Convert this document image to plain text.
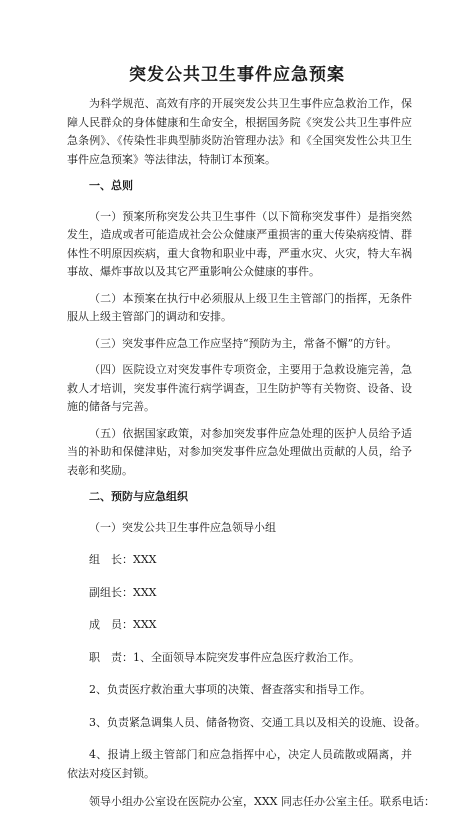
突发公共卫生事件应急预案

为科学规范、高效有序的开展突发公共卫生事件应急救治工作，保障人民群众的身体健康和生命安全，根据国务院《突发公共卫生事件应急条例》、《传染性非典型肺炎防治管理办法》和《全国突发性公共卫生事件应急预案》等法律法，特制订本预案。

一、总则

（一）预案所称突发公共卫生事件（以下简称突发事件）是指突然发生，造成或者可能造成社会公众健康严重损害的重大传染病疫情、群体性不明原因疾病，重大食物和职业中毒，严重水灾、火灾，特大车祸事故、爆炸事故以及其它严重影响公众健康的事件。

（二）本预案在执行中必须服从上级卫生主管部门的指挥，无条件服从上级主管部门的调动和安排。

（三）突发事件应急工作应坚持“预防为主，常备不懈”的方针。

（四）医院设立对突发事件专项资金，主要用于急救设施完善，急救人才培训，突发事件流行病学调查，卫生防护等有关物资、设备、设施的储备与完善。

（五）依据国家政策，对参加突发事件应急处理的医护人员给予适当的补助和保健津贴，对参加突发事件应急处理做出贡献的人员，给予表彰和奖励。

二、预防与应急组织

（一）突发公共卫生事件应急领导小组

组　长：XXX

副组长：XXX

成　员：XXX

职　责：1、全面领导本院突发事件应急医疗救治工作。

2、负责医疗救治重大事项的决策、督查落实和指导工作。

3、负责紧急调集人员、储备物资、交通工具以及相关的设施、设备。

4、报请上级主管部门和应急指挥中心，决定人员疏散或隔离，并依法对疫区封锁。

领导小组办公室设在医院办公室，XXX 同志任办公室主任。联系电话：
